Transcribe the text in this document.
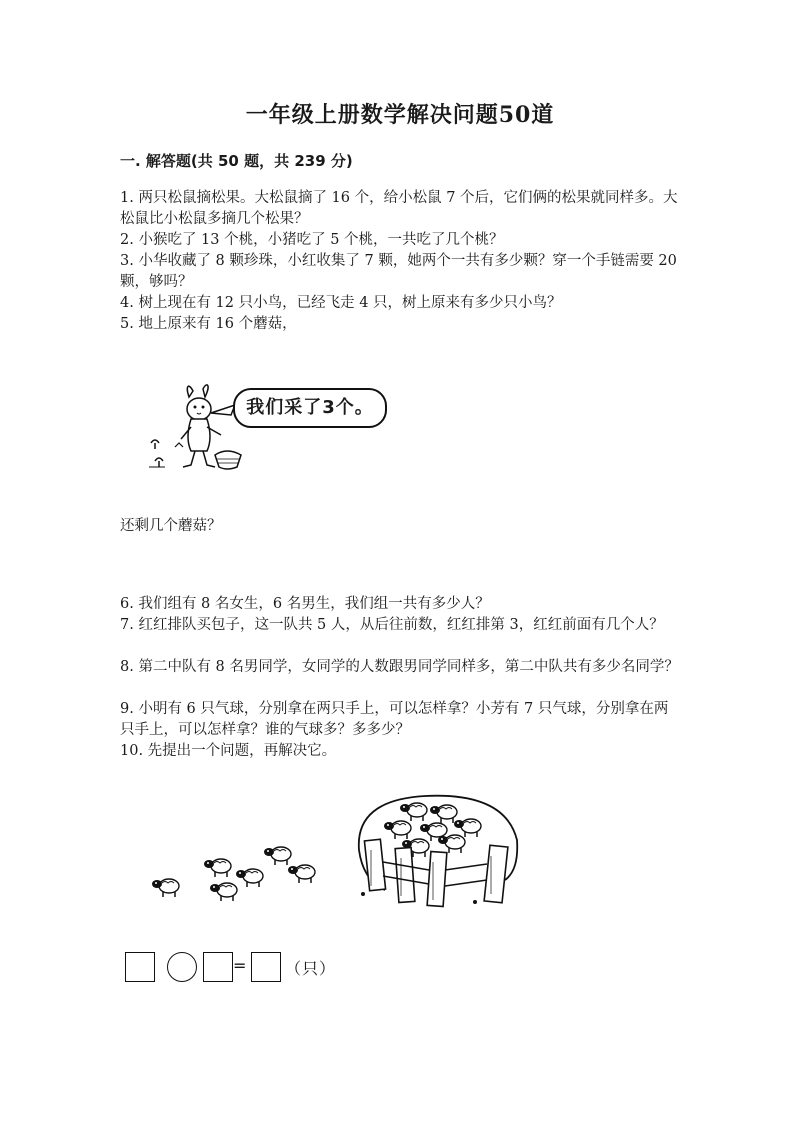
一年级上册数学解决问题50道
一. 解答题(共 50 题，共 239 分)
1. 两只松鼠摘松果。大松鼠摘了 16 个，给小松鼠 7 个后，它们俩的松果就同样多。大松鼠比小松鼠多摘几个松果？
2. 小猴吃了 13 个桃，小猪吃了 5 个桃，一共吃了几个桃？
3. 小华收藏了 8 颗珍珠，小红收集了 7 颗，她两个一共有多少颗？穿一个手链需要 20 颗，够吗？
4. 树上现在有 12 只小鸟，已经飞走 4 只，树上原来有多少只小鸟？
5. 地上原来有 16 个蘑菇，
我们采了3个。
还剩几个蘑菇？
6. 我们组有 8 名女生，6 名男生，我们组一共有多少人？
7. 红红排队买包子，这一队共 5 人，从后往前数，红红排第 3，红红前面有几个人？
8. 第二中队有 8 名男同学，女同学的人数跟男同学同样多，第二中队共有多少名同学？
9. 小明有 6 只气球，分别拿在两只手上，可以怎样拿？小芳有 7 只气球，分别拿在两只手上，可以怎样拿？谁的气球多？多多少？
10. 先提出一个问题，再解决它。
= （只）
